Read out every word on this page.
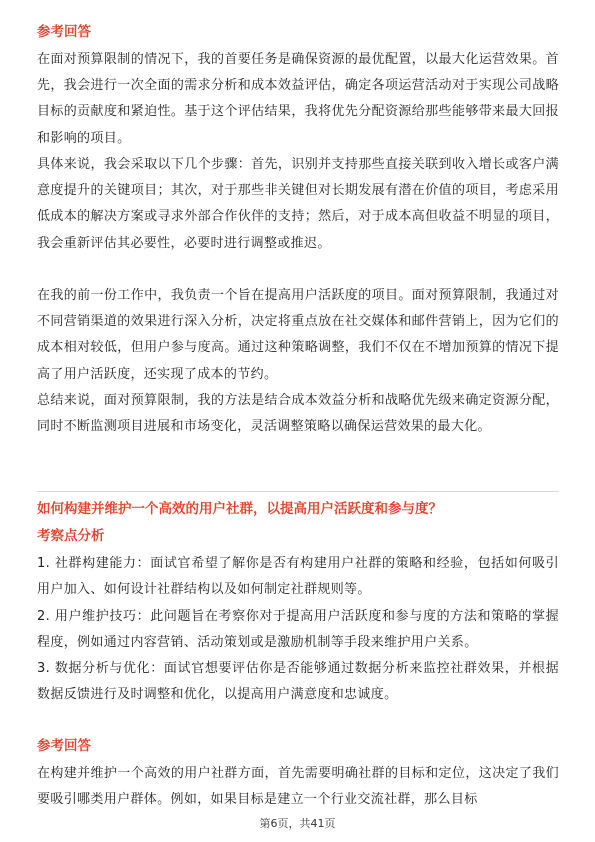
参考回答
在面对预算限制的情况下，我的首要任务是确保资源的最优配置，以最大化运营效果。首先，我会进行一次全面的需求分析和成本效益评估，确定各项运营活动对于实现公司战略目标的贡献度和紧迫性。基于这个评估结果，我将优先分配资源给那些能够带来最大回报和影响的项目。
具体来说，我会采取以下几个步骤：首先，识别并支持那些直接关联到收入增长或客户满意度提升的关键项目；其次，对于那些非关键但对长期发展有潜在价值的项目，考虑采用低成本的解决方案或寻求外部合作伙伴的支持；然后，对于成本高但收益不明显的项目，我会重新评估其必要性，必要时进行调整或推迟。
在我的前一份工作中，我负责一个旨在提高用户活跃度的项目。面对预算限制，我通过对不同营销渠道的效果进行深入分析，决定将重点放在社交媒体和邮件营销上，因为它们的成本相对较低，但用户参与度高。通过这种策略调整，我们不仅在不增加预算的情况下提高了用户活跃度，还实现了成本的节约。
总结来说，面对预算限制，我的方法是结合成本效益分析和战略优先级来确定资源分配，同时不断监测项目进展和市场变化，灵活调整策略以确保运营效果的最大化。
如何构建并维护一个高效的用户社群，以提高用户活跃度和参与度？
考察点分析
1. 社群构建能力：面试官希望了解你是否有构建用户社群的策略和经验，包括如何吸引用户加入、如何设计社群结构以及如何制定社群规则等。
2. 用户维护技巧：此问题旨在考察你对于提高用户活跃度和参与度的方法和策略的掌握程度，例如通过内容营销、活动策划或是激励机制等手段来维护用户关系。
3. 数据分析与优化：面试官想要评估你是否能够通过数据分析来监控社群效果，并根据数据反馈进行及时调整和优化，以提高用户满意度和忠诚度。
参考回答
在构建并维护一个高效的用户社群方面，首先需要明确社群的目标和定位，这决定了我们要吸引哪类用户群体。例如，如果目标是建立一个行业交流社群，那么目标
第6页，共41页
